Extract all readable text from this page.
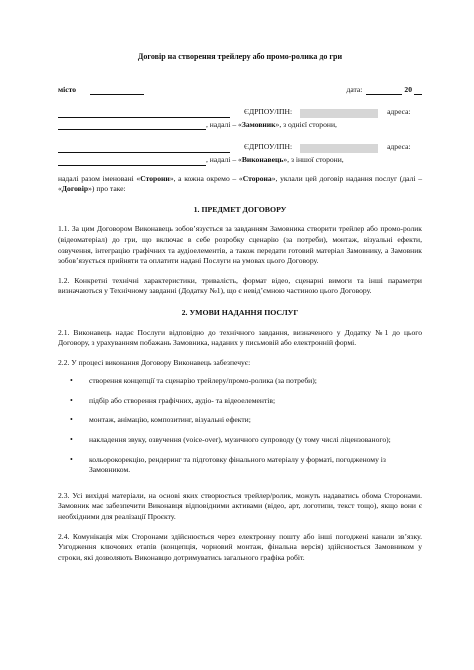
Договір на створення трейлеру або промо-ролика до гри
місто	дата:	20
ЄДРПОУ/ІПН:	адреса:
, надалі – « Замовник », з однієї сторони,
ЄДРПОУ/ІПН:	адреса:
, надалі – « Виконавець », з іншої сторони,

надалі разом іменовані «Сторони», а кожна окремо – «Сторона», уклали цей договір надання послуг (далі – «Договір») про таке:

1. ПРЕДМЕТ ДОГОВОРУ

1.1. За цим Договором Виконавець зобов’язується за завданням Замовника створити трейлер або промо-ролик (відеоматеріал) до гри, що включає в себе розробку сценарію (за потреби), монтаж, візуальні ефекти, озвучення, інтеграцію графічних та аудіоелементів, а також передати готовий матеріал Замовнику, а Замовник зобов’язується прийняти та оплатити надані Послуги на умовах цього Договору.

1.2. Конкретні технічні характеристики, тривалість, формат відео, сценарні вимоги та інші параметри визначаються у Технічному завданні (Додатку №1), що є невід’ємною частиною цього Договору.

2. УМОВИ НАДАННЯ ПОСЛУГ

2.1. Виконавець надає Послуги відповідно до технічного завдання, визначеного у Додатку №1 до цього Договору, з урахуванням побажань Замовника, наданих у письмовій або електронній формі.

2.2. У процесі виконання Договору Виконавець забезпечує:

• створення концепції та сценарію трейлеру/промо-ролика (за потреби);
• підбір або створення графічних, аудіо- та відеоелементів;
• монтаж, анімацію, композитинг, візуальні ефекти;
• накладення звуку, озвучення (voice-over), музичного супроводу (у тому числі ліцензованого);
• кольорокорекцію, рендеринг та підготовку фінального матеріалу у форматі, погодженому із Замовником.

2.3. Усі вихідні матеріали, на основі яких створюється трейлер/ролик, можуть надаватись обома Сторонами. Замовник має забезпечити Виконавця відповідними активами (відео, арт, логотипи, текст тощо), якщо вони є необхідними для реалізації Проєкту.

2.4. Комунікація між Сторонами здійснюється через електронну пошту або інші погоджені канали зв’язку. Узгодження ключових етапів (концепція, чорновий монтаж, фінальна версія) здійснюється Замовником у строки, які дозволяють Виконавцю дотримуватись загального графіка робіт.
